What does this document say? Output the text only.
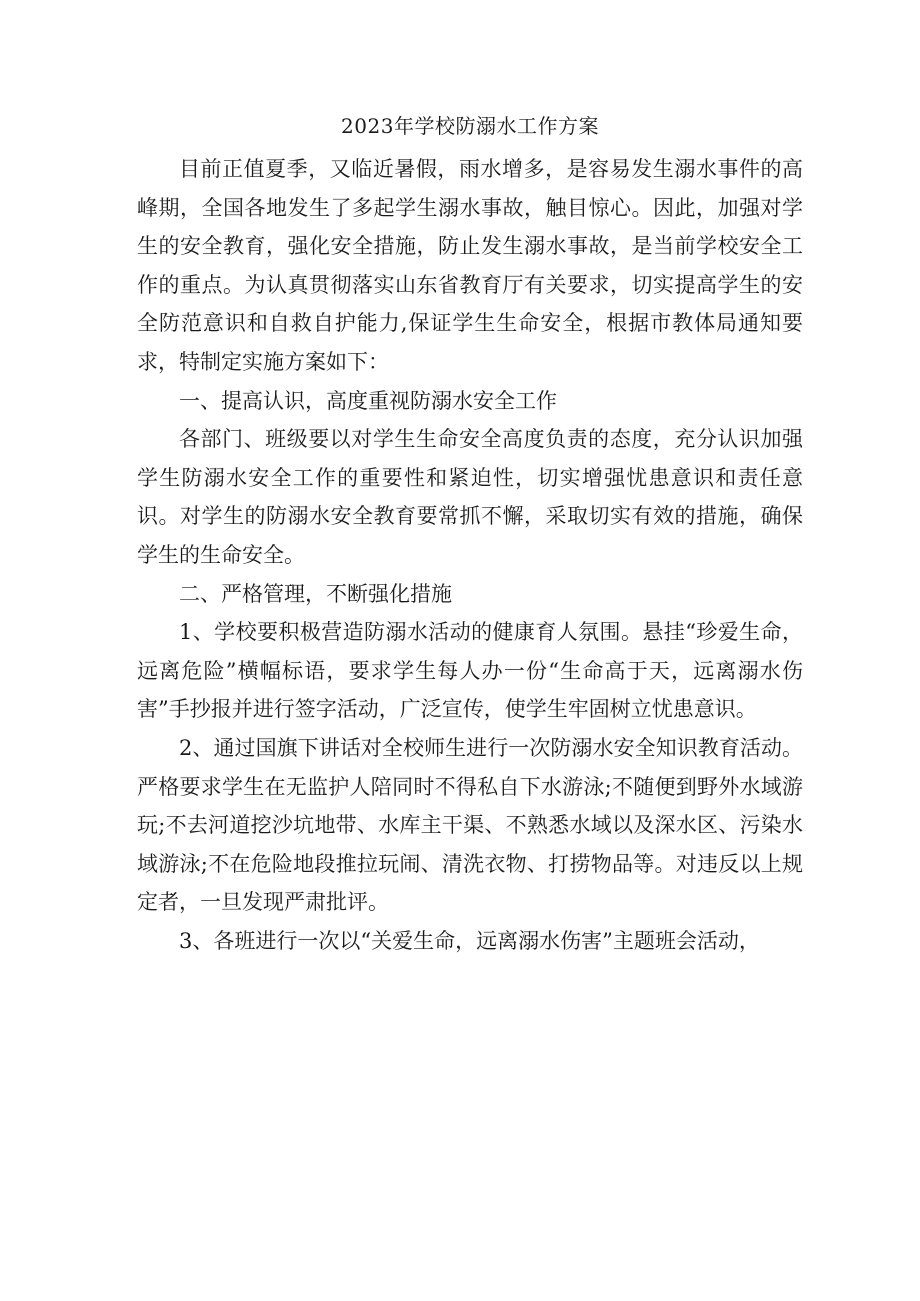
2023年学校防溺水工作方案

目前正值夏季，又临近暑假，雨水增多，是容易发生溺水事件的高峰期，全国各地发生了多起学生溺水事故，触目惊心。因此，加强对学生的安全教育，强化安全措施，防止发生溺水事故，是当前学校安全工作的重点。为认真贯彻落实山东省教育厅有关要求，切实提高学生的安全防范意识和自救自护能力,保证学生生命安全，根据市教体局通知要求，特制定实施方案如下：

一、提高认识，高度重视防溺水安全工作

各部门、班级要以对学生生命安全高度负责的态度，充分认识加强学生防溺水安全工作的重要性和紧迫性，切实增强忧患意识和责任意识。对学生的防溺水安全教育要常抓不懈，采取切实有效的措施，确保学生的生命安全。

二、严格管理，不断强化措施

1、学校要积极营造防溺水活动的健康育人氛围。悬挂“珍爱生命，远离危险”横幅标语，要求学生每人办一份“生命高于天，远离溺水伤害”手抄报并进行签字活动，广泛宣传，使学生牢固树立忧患意识。

2、通过国旗下讲话对全校师生进行一次防溺水安全知识教育活动。严格要求学生在无监护人陪同时不得私自下水游泳;不随便到野外水域游玩;不去河道挖沙坑地带、水库主干渠、不熟悉水域以及深水区、污染水域游泳;不在危险地段推拉玩闹、清洗衣物、打捞物品等。对违反以上规定者，一旦发现严肃批评。

3、各班进行一次以“关爱生命，远离溺水伤害”主题班会活动，
